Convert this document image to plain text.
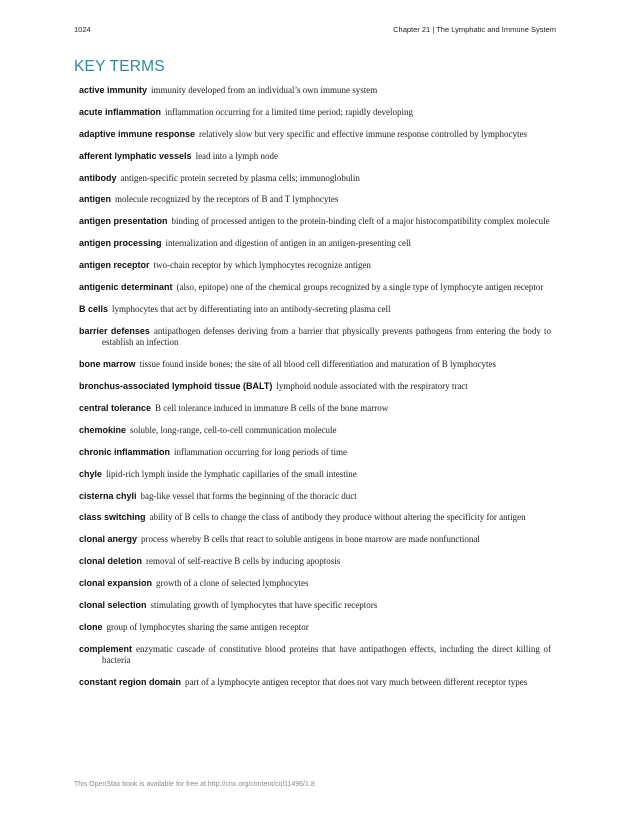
1024	Chapter 21 | The Lymphatic and Immune System
KEY TERMS

active immunity immunity developed from an individual’s own immune system

acute inflammation inflammation occurring for a limited time period; rapidly developing

adaptive immune response relatively slow but very specific and effective immune response controlled by lymphocytes

afferent lymphatic vessels lead into a lymph node

antibody antigen-specific protein secreted by plasma cells; immunoglobulin

antigen molecule recognized by the receptors of B and T lymphocytes

antigen presentation binding of processed antigen to the protein-binding cleft of a major histocompatibility complex molecule

antigen processing internalization and digestion of antigen in an antigen-presenting cell

antigen receptor two-chain receptor by which lymphocytes recognize antigen

antigenic determinant (also, epitope) one of the chemical groups recognized by a single type of lymphocyte antigen receptor

B cells lymphocytes that act by differentiating into an antibody-secreting plasma cell

barrier defenses antipathogen defenses deriving from a barrier that physically prevents pathogens from entering the body to establish an infection

bone marrow tissue found inside bones; the site of all blood cell differentiation and maturation of B lymphocytes

bronchus-associated lymphoid tissue (BALT) lymphoid nodule associated with the respiratory tract

central tolerance B cell tolerance induced in immature B cells of the bone marrow

chemokine soluble, long-range, cell-to-cell communication molecule

chronic inflammation inflammation occurring for long periods of time

chyle lipid-rich lymph inside the lymphatic capillaries of the small intestine

cisterna chyli bag-like vessel that forms the beginning of the thoracic duct

class switching ability of B cells to change the class of antibody they produce without altering the specificity for antigen

clonal anergy process whereby B cells that react to soluble antigens in bone marrow are made nonfunctional

clonal deletion removal of self-reactive B cells by inducing apoptosis

clonal expansion growth of a clone of selected lymphocytes

clonal selection stimulating growth of lymphocytes that have specific receptors

clone group of lymphocytes sharing the same antigen receptor

complement enzymatic cascade of constitutive blood proteins that have antipathogen effects, including the direct killing of bacteria

constant region domain part of a lymphocyte antigen receptor that does not vary much between different receptor types

This OpenStax book is available for free at http://cnx.org/content/col11496/1.8
